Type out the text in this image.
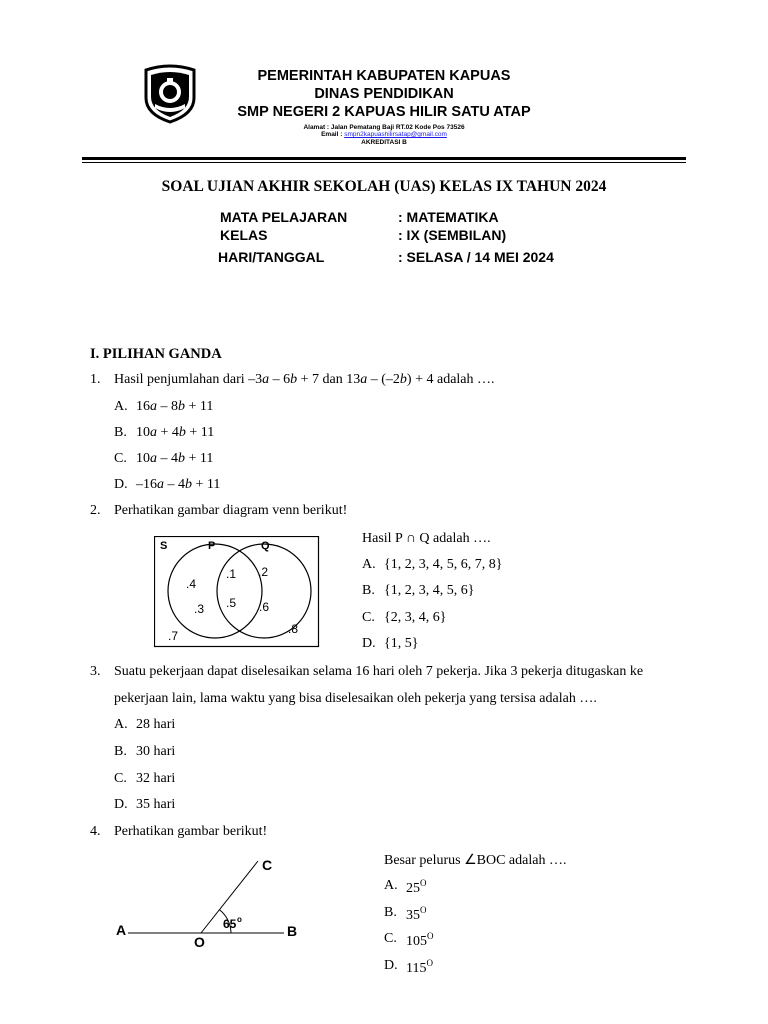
PEMERINTAH KABUPATEN KAPUAS
DINAS PENDIDIKAN
SMP NEGERI 2 KAPUAS HILIR SATU ATAP
Alamat : Jalan Pematang Baji RT.02 Kode Pos 73526
Email : smpn2kapuashilirsatap@gmail.com
AKREDITASI B
SOAL UJIAN AKHIR SEKOLAH (UAS) KELAS IX TAHUN 2024
MATA PELAJARAN	: MATEMATIKA
KELAS	: IX (SEMBILAN)
HARI/TANGGAL	: SELASA / 14 MEI 2024
I. PILIHAN GANDA
1. Hasil penjumlahan dari –3a – 6b + 7 dan 13a – (–2b) + 4 adalah ….
A. 16a – 8b + 11
B. 10a + 4b + 11
C. 10a – 4b + 11
D. –16a – 4b + 11
2. Perhatikan gambar diagram venn berikut!
S	P	Q
.4
.1 .2
.3 .5 .6
.7	.8
Hasil P ∩ Q adalah ….
A. {1, 2, 3, 4, 5, 6, 7, 8}
B. {1, 2, 3, 4, 5, 6}
C. {2, 3, 4, 6}
D. {1, 5}
3. Suatu pekerjaan dapat diselesaikan selama 16 hari oleh 7 pekerja. Jika 3 pekerja ditugaskan ke
pekerjaan lain, lama waktu yang bisa diselesaikan oleh pekerja yang tersisa adalah ….
A. 28 hari
B. 30 hari
C. 32 hari
D. 35 hari
4. Perhatikan gambar berikut!
A
O
B
C
65 o
Besar pelurus ∠BOC adalah ….
A. $25^O$
B. $35^O$
C. $105^O$
D. $115^O$
